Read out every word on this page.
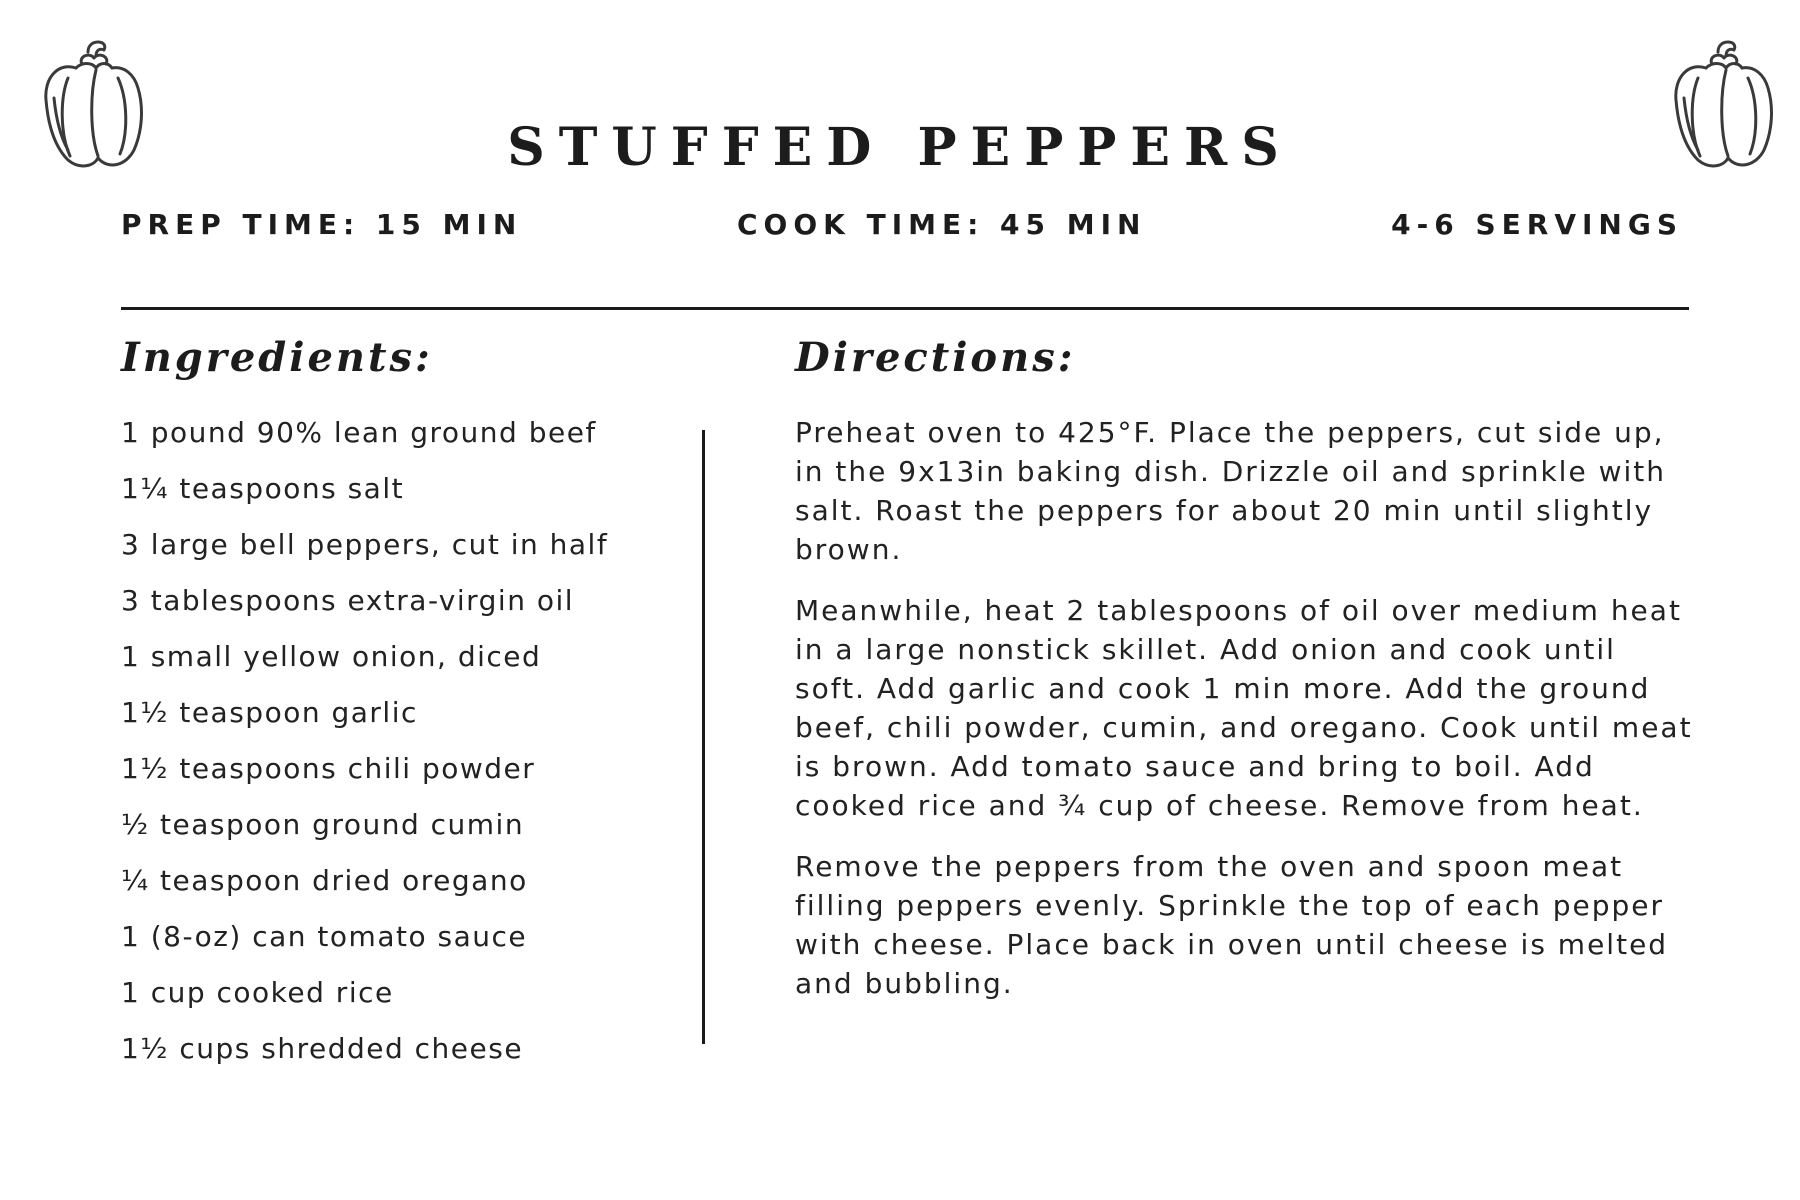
STUFFED PEPPERS
PREP TIME: 15 MIN	COOK TIME: 45 MIN	4-6 SERVINGS
Ingredients:	Directions:
1 pound 90% lean ground beef
1¼ teaspoons salt
3 large bell peppers, cut in half
3 tablespoons extra-virgin oil
1 small yellow onion, diced
1½ teaspoon garlic
1½ teaspoons chili powder
½ teaspoon ground cumin
¼ teaspoon dried oregano
1 (8-oz) can tomato sauce
1 cup cooked rice
1½ cups shredded cheese

Preheat oven to 425°F. Place the peppers, cut side up, in the 9x13in baking dish. Drizzle oil and sprinkle with salt. Roast the peppers for about 20 min until slightly brown.

Meanwhile, heat 2 tablespoons of oil over medium heat in a large nonstick skillet. Add onion and cook until soft. Add garlic and cook 1 min more. Add the ground beef, chili powder, cumin, and oregano. Cook until meat is brown. Add tomato sauce and bring to boil. Add cooked rice and ¾ cup of cheese. Remove from heat.

Remove the peppers from the oven and spoon meat filling peppers evenly. Sprinkle the top of each pepper with cheese. Place back in oven until cheese is melted and bubbling.
